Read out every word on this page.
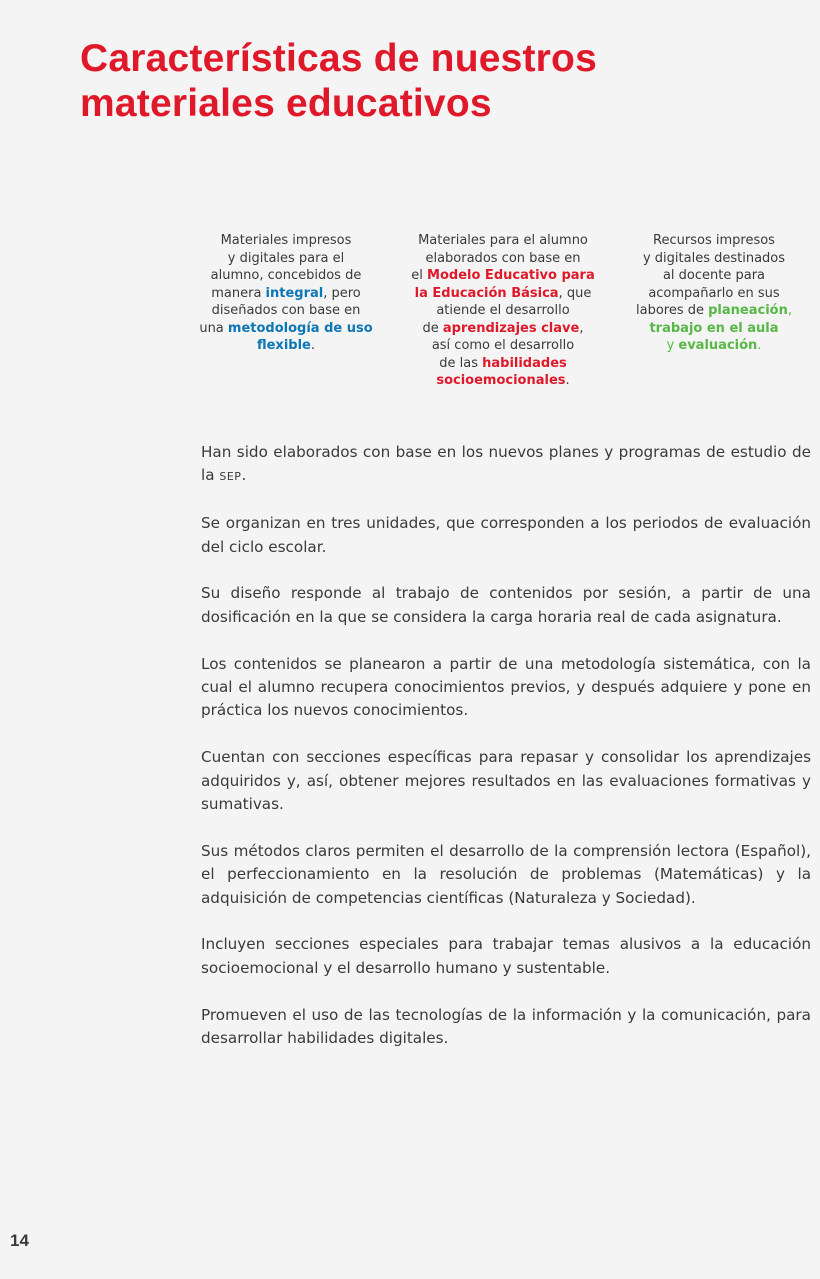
Características de nuestros
materiales educativos
Materiales impresos
y digitales para el
alumno, concebidos de
manera integral, pero
diseñados con base en
una metodología de uso flexible.
Materiales para el alumno
elaborados con base en
el Modelo Educativo para la Educación Básica, que
atiende el desarrollo
de aprendizajes clave,
así como el desarrollo
de las habilidades socioemocionales.
Recursos impresos
y digitales destinados
al docente para
acompañarlo en sus
labores de planeación,
trabajo en el aula
y evaluación.

Han sido elaborados con base en los nuevos planes y programas de estudio de la SEP.

Se organizan en tres unidades, que corresponden a los periodos de evaluación del ciclo escolar.

Su diseño responde al trabajo de contenidos por sesión, a partir de una dosificación en la que se considera la carga horaria real de cada asignatura.

Los contenidos se planearon a partir de una metodología sistemática, con la cual el alumno recupera conocimientos previos, y después adquiere y pone en práctica los nuevos conocimientos.

Cuentan con secciones específicas para repasar y consolidar los aprendizajes adquiridos y, así, obtener mejores resultados en las evaluaciones formativas y sumativas.

Sus métodos claros permiten el desarrollo de la comprensión lectora (Español), el perfeccionamiento en la resolución de problemas (Matemáticas) y la adquisición de competencias científicas (Naturaleza y Sociedad).

Incluyen secciones especiales para trabajar temas alusivos a la educación socioemocional y el desarrollo humano y sustentable.

Promueven el uso de las tecnologías de la información y la comunicación, para desarrollar habilidades digitales.

14
